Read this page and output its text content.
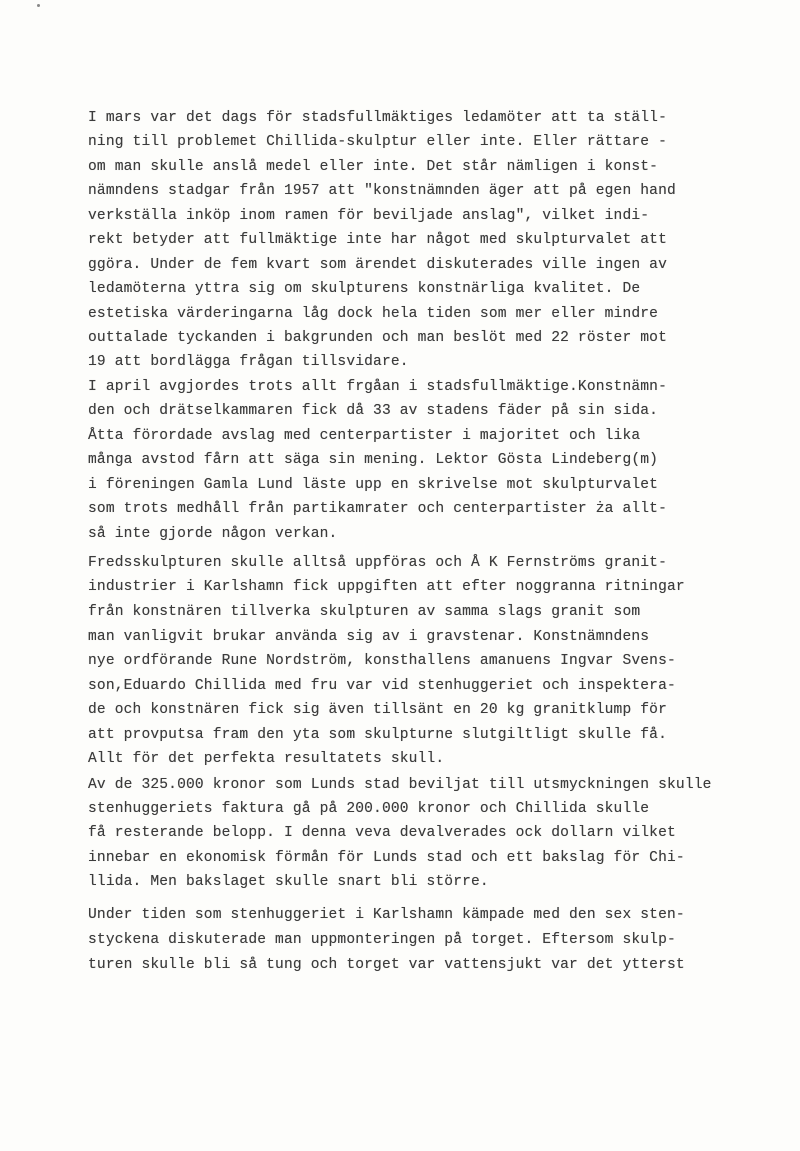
I mars var det dags för stadsfullmäktiges ledamöter att ta ställ-
ning till problemet Chillida-skulptur eller inte. Eller rättare -
om man skulle anslå medel eller inte. Det står nämligen i konst-
nämndens stadgar från 1957 att "konstnämnden äger att på egen hand
verkställa inköp inom ramen för beviljade anslag", vilket indi-
rekt betyder att fullmäktige inte har något med skulpturvalet att
ggöra. Under de fem kvart som ärendet diskuterades ville ingen av
ledamöterna yttra sig om skulpturens konstnärliga kvalitet. De
estetiska värderingarna låg dock hela tiden som mer eller mindre
outtalade tyckanden i bakgrunden och man beslöt med 22 röster mot
19 att bordlägga frågan tillsvidare.
I april avgjordes trots allt frgåan i stadsfullmäktige.Konstnämn-
den och drätselkammaren fick då 33 av stadens fäder på sin sida.
Åtta förordade avslag med centerpartister i majoritet och lika
många avstod fårn att säga sin mening. Lektor Gösta Lindeberg(m)
i föreningen Gamla Lund läste upp en skrivelse mot skulpturvalet
som trots medhåll från partikamrater och centerpartister ża allt-
så inte gjorde någon verkan.
Fredsskulpturen skulle alltså uppföras och Å K Fernströms granit-
industrier i Karlshamn fick uppgiften att efter noggranna ritningar
från konstnären tillverka skulpturen av samma slags granit som
man vanligvit brukar använda sig av i gravstenar. Konstnämndens
nye ordförande Rune Nordström, konsthallens amanuens Ingvar Svens-
son,Eduardo Chillida med fru var vid stenhuggeriet och inspektera-
de och konstnären fick sig även tillsänt en 20 kg granitklump för
att provputsa fram den yta som skulpturne slutgiltligt skulle få.
Allt för det perfekta resultatets skull.
Av de 325.000 kronor som Lunds stad beviljat till utsmyckningen skulle
stenhuggeriets faktura gå på 200.000 kronor och Chillida skulle
få resterande belopp. I denna veva devalverades ock dollarn vilket
innebar en ekonomisk förmån för Lunds stad och ett bakslag för Chi-
llida. Men bakslaget skulle snart bli större.
Under tiden som stenhuggeriet i Karlshamn kämpade med den sex sten-
styckena diskuterade man uppmonteringen på torget. Eftersom skulp-
turen skulle bli så tung och torget var vattensjukt var det ytterst
